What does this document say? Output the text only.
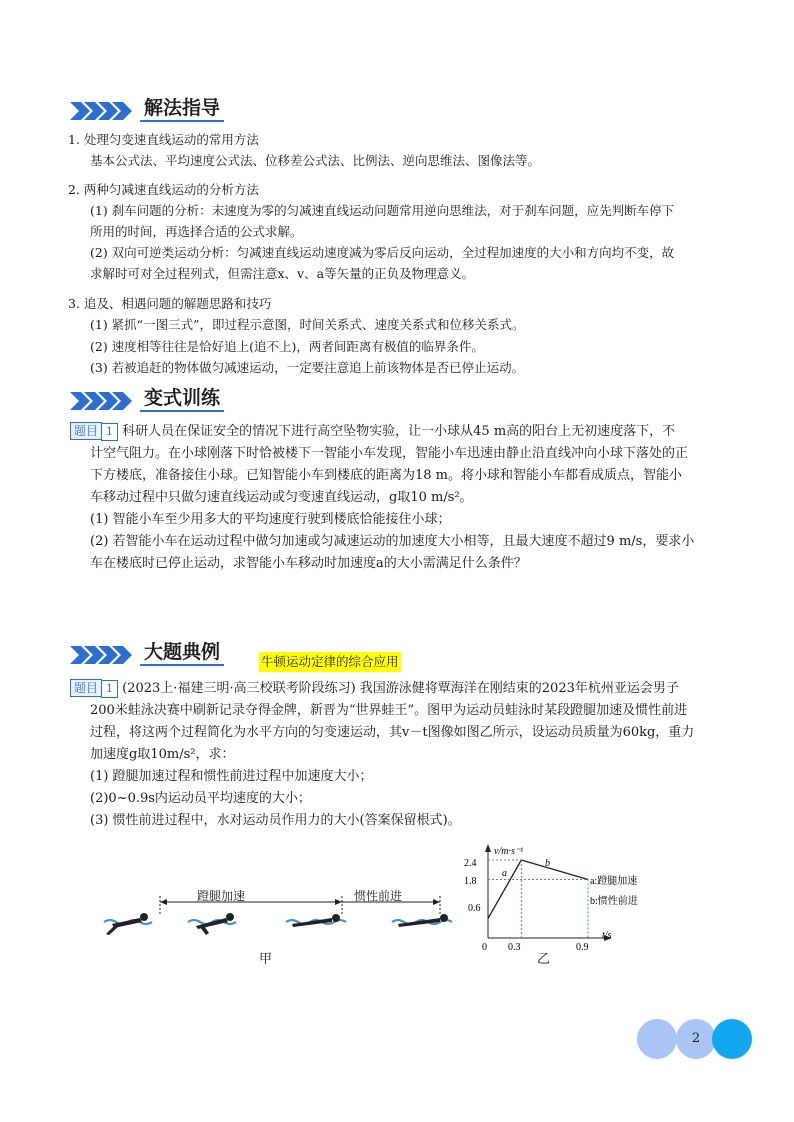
解法指导
1. 处理匀变速直线运动的常用方法
基本公式法、平均速度公式法、位移差公式法、比例法、逆向思维法、图像法等。
2. 两种匀减速直线运动的分析方法
(1) 刹车问题的分析：末速度为零的匀减速直线运动问题常用逆向思维法，对于刹车问题，应先判断车停下
所用的时间，再选择合适的公式求解。
(2) 双向可逆类运动分析：匀减速直线运动速度减为零后反向运动，全过程加速度的大小和方向均不变，故
求解时可对全过程列式，但需注意x、v、a等矢量的正负及物理意义。
3. 追及、相遇问题的解题思路和技巧
(1) 紧抓“一图三式”，即过程示意图，时间关系式、速度关系式和位移关系式。
(2) 速度相等往往是恰好追上(追不上)，两者间距离有极值的临界条件。
(3) 若被追赶的物体做匀减速运动，一定要注意追上前该物体是否已停止运动。
变式训练
题目 1 科研人员在保证安全的情况下进行高空坠物实验，让一小球从45 m高的阳台上无初速度落下，不
计空气阻力。在小球刚落下时恰被楼下一智能小车发现，智能小车迅速由静止沿直线冲向小球下落处的正
下方楼底，准备接住小球。已知智能小车到楼底的距离为18 m。将小球和智能小车都看成质点，智能小
车移动过程中只做匀速直线运动或匀变速直线运动，g取10 m/s²。
(1) 智能小车至少用多大的平均速度行驶到楼底恰能接住小球；
(2) 若智能小车在运动过程中做匀加速或匀减速运动的加速度大小相等，且最大速度不超过9 m/s，要求小
车在楼底时已停止运动，求智能小车移动时加速度a的大小需满足什么条件？
大题典例	牛顿运动定律的综合应用
题目 1 (2023上·福建三明·高三校联考阶段练习) 我国游泳健将覃海洋在刚结束的2023年杭州亚运会男子
200米蛙泳决赛中刷新记录夺得金牌，新晋为“世界蛙王”。图甲为运动员蛙泳时某段蹬腿加速及惯性前进
过程，将这两个过程简化为水平方向的匀变速运动，其v－t图像如图乙所示，设运动员质量为60kg，重力
加速度g取10m/s²，求：
(1) 蹬腿加速过程和惯性前进过程中加速度大小；
(2)0~0.9s内运动员平均速度的大小；
(3) 惯性前进过程中，水对运动员作用力的大小(答案保留根式)。
蹬腿加速	惯性前进
甲
v/m·s⁻¹
t/s
0
2.4
1.8
0.6
0.3	0.9
a
b
a:蹬腿加速
b:惯性前进
乙
2
